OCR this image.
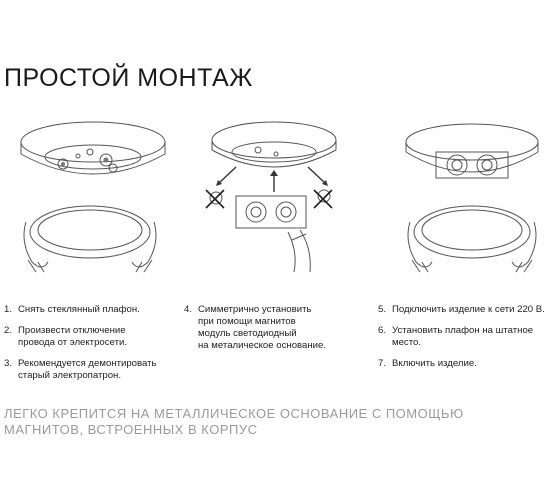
ПРОСТОЙ МОНТАЖ
1. Снять стеклянный плафон.
2. Произвести отключение
провода от электросети.
3. Рекомендуется демонтировать
старый электропатрон.
4. Симметрично установить
при помощи магнитов
модуль светодиодный
на металическое основание.
5. Подключить изделие к сети 220 В.
6. Установить плафон на штатное
место.
7. Включить изделие.
ЛЕГКО КРЕПИТСЯ НА МЕТАЛЛИЧЕСКОЕ ОСНОВАНИЕ С ПОМОЩЬЮ
МАГНИТОВ, ВСТРОЕННЫХ В КОРПУС
